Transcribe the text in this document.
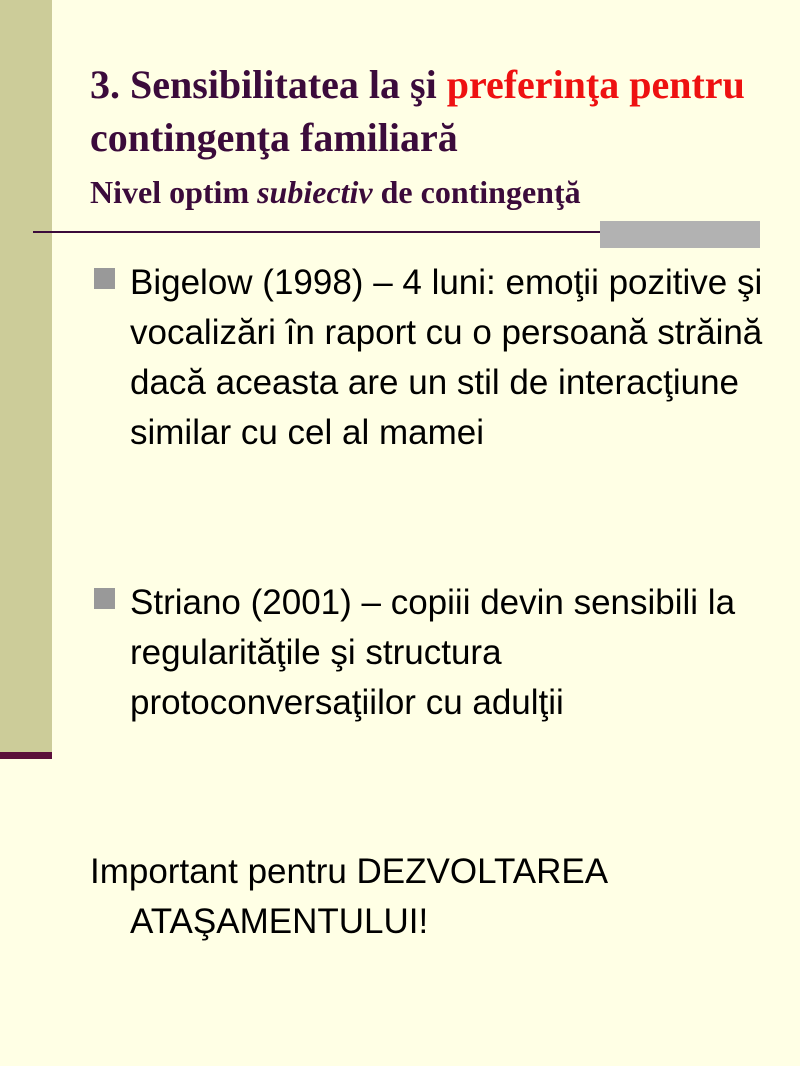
3. Sensibilitatea la şi preferinţa pentru contingenţa familiară
Nivel optim subiectiv de contingenţă
Bigelow (1998) – 4 luni: emoţii pozitive şi vocalizări în raport cu o persoană străină dacă aceasta are un stil de interacţiune similar cu cel al mamei
Striano (2001) – copiii devin sensibili la regularităţile şi structura protoconversaţiilor cu adulţii
Important pentru DEZVOLTAREA
ATAŞAMENTULUI!
